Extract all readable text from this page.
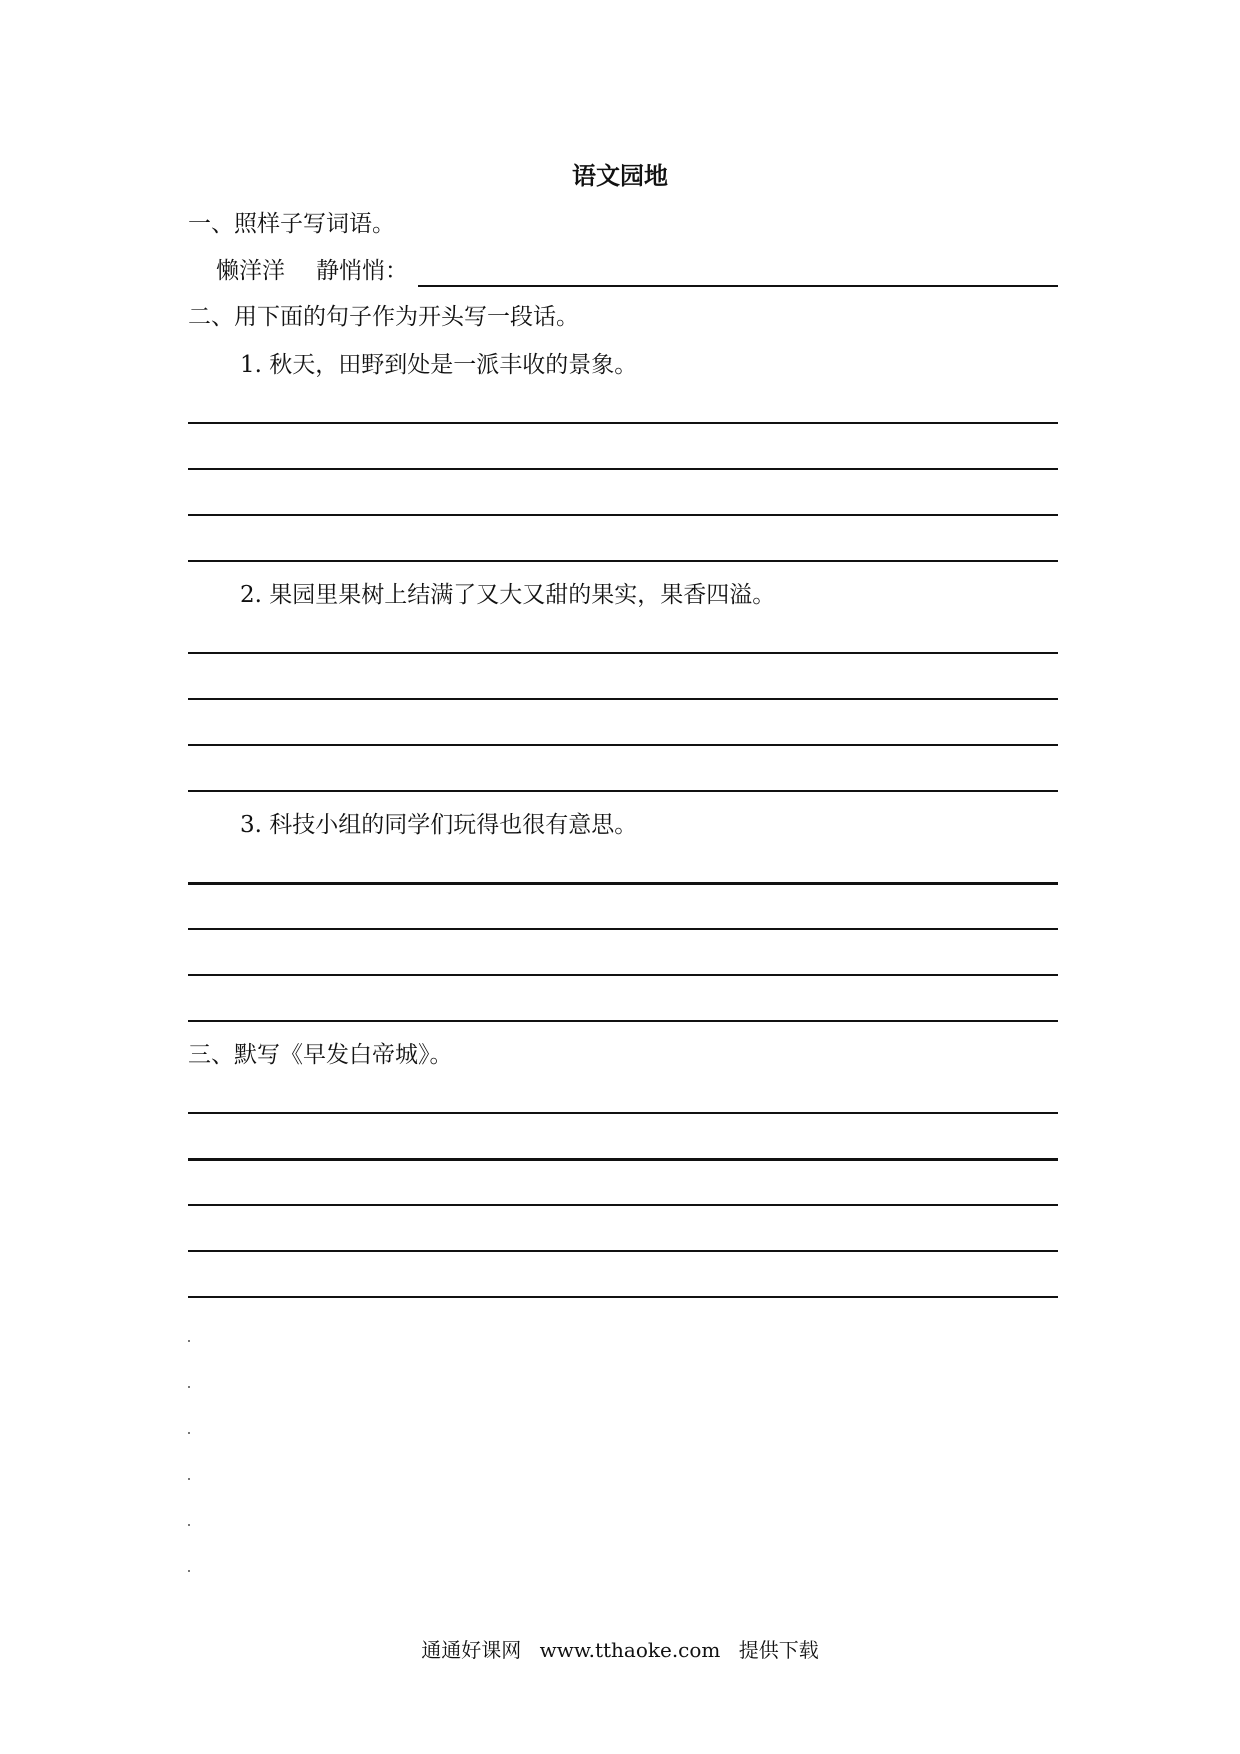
语文园地
一、照样子写词语。
懒洋洋 静悄悄：
二、用下面的句子作为开头写一段话。
1. 秋天，田野到处是一派丰收的景象。
2. 果园里果树上结满了又大又甜的果实，果香四溢。
3. 科技小组的同学们玩得也很有意思。
三、默写《早发白帝城》。
通通好课网 www.tthaoke.com 提供下载
